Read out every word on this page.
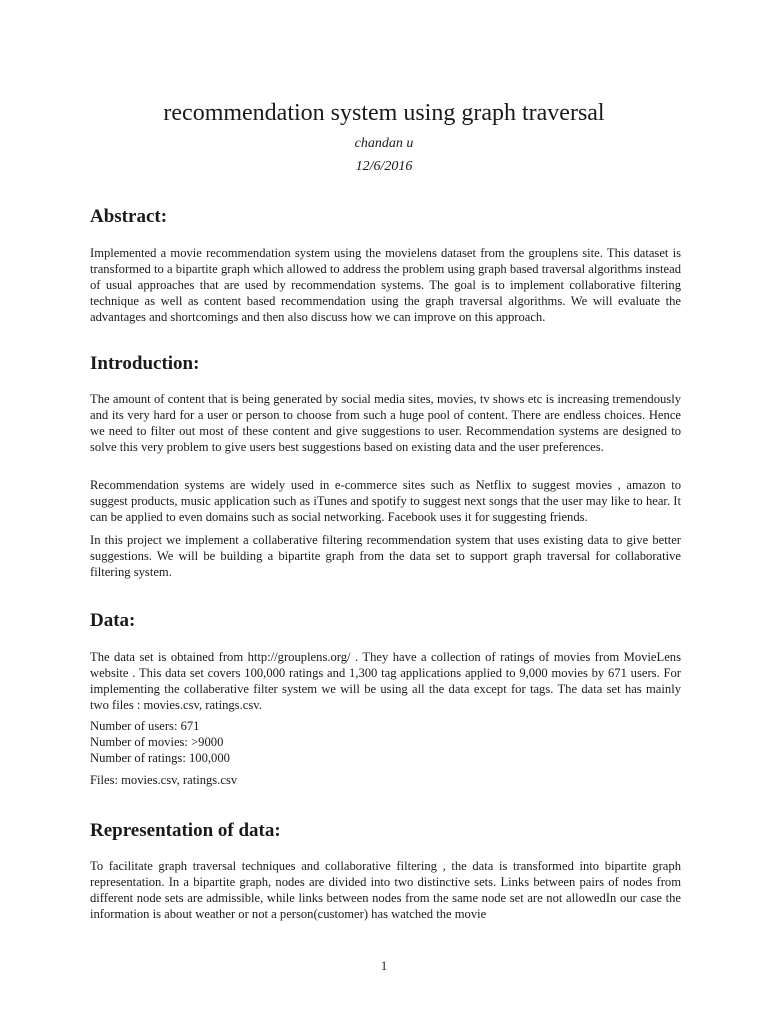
recommendation system using graph traversal
chandan u
12/6/2016
Abstract:

Implemented a movie recommendation system using the movielens dataset from the grouplens site. This dataset is transformed to a bipartite graph which allowed to address the problem using graph based traversal algorithms instead of usual approaches that are used by recommendation systems. The goal is to implement collaborative filtering technique as well as content based recommendation using the graph traversal algorithms. We will evaluate the advantages and shortcomings and then also discuss how we can improve on this approach.

Introduction:

The amount of content that is being generated by social media sites, movies, tv shows etc is increasing tremendously and its very hard for a user or person to choose from such a huge pool of content. There are endless choices. Hence we need to filter out most of these content and give suggestions to user. Recommendation systems are designed to solve this very problem to give users best suggestions based on existing data and the user preferences.

Recommendation systems are widely used in e-commerce sites such as Netflix to suggest movies , amazon to suggest products, music application such as iTunes and spotify to suggest next songs that the user may like to hear. It can be applied to even domains such as social networking. Facebook uses it for suggesting friends.

In this project we implement a collaberative filtering recommendation system that uses existing data to give better suggestions. We will be building a bipartite graph from the data set to support graph traversal for collaborative filtering system.

Data:

The data set is obtained from http://grouplens.org/ . They have a collection of ratings of movies from MovieLens website . This data set covers 100,000 ratings and 1,300 tag applications applied to 9,000 movies by 671 users. For implementing the collaberative filter system we will be using all the data except for tags. The data set has mainly two files : movies.csv, ratings.csv.

Number of users: 671
Number of movies: >9000
Number of ratings: 100,000

Files: movies.csv, ratings.csv

Representation of data:

To facilitate graph traversal techniques and collaborative filtering , the data is transformed into bipartite graph representation. In a bipartite graph, nodes are divided into two distinctive sets. Links between pairs of nodes from different node sets are admissible, while links between nodes from the same node set are not allowedIn our case the information is about weather or not a person(customer) has watched the movie

1
